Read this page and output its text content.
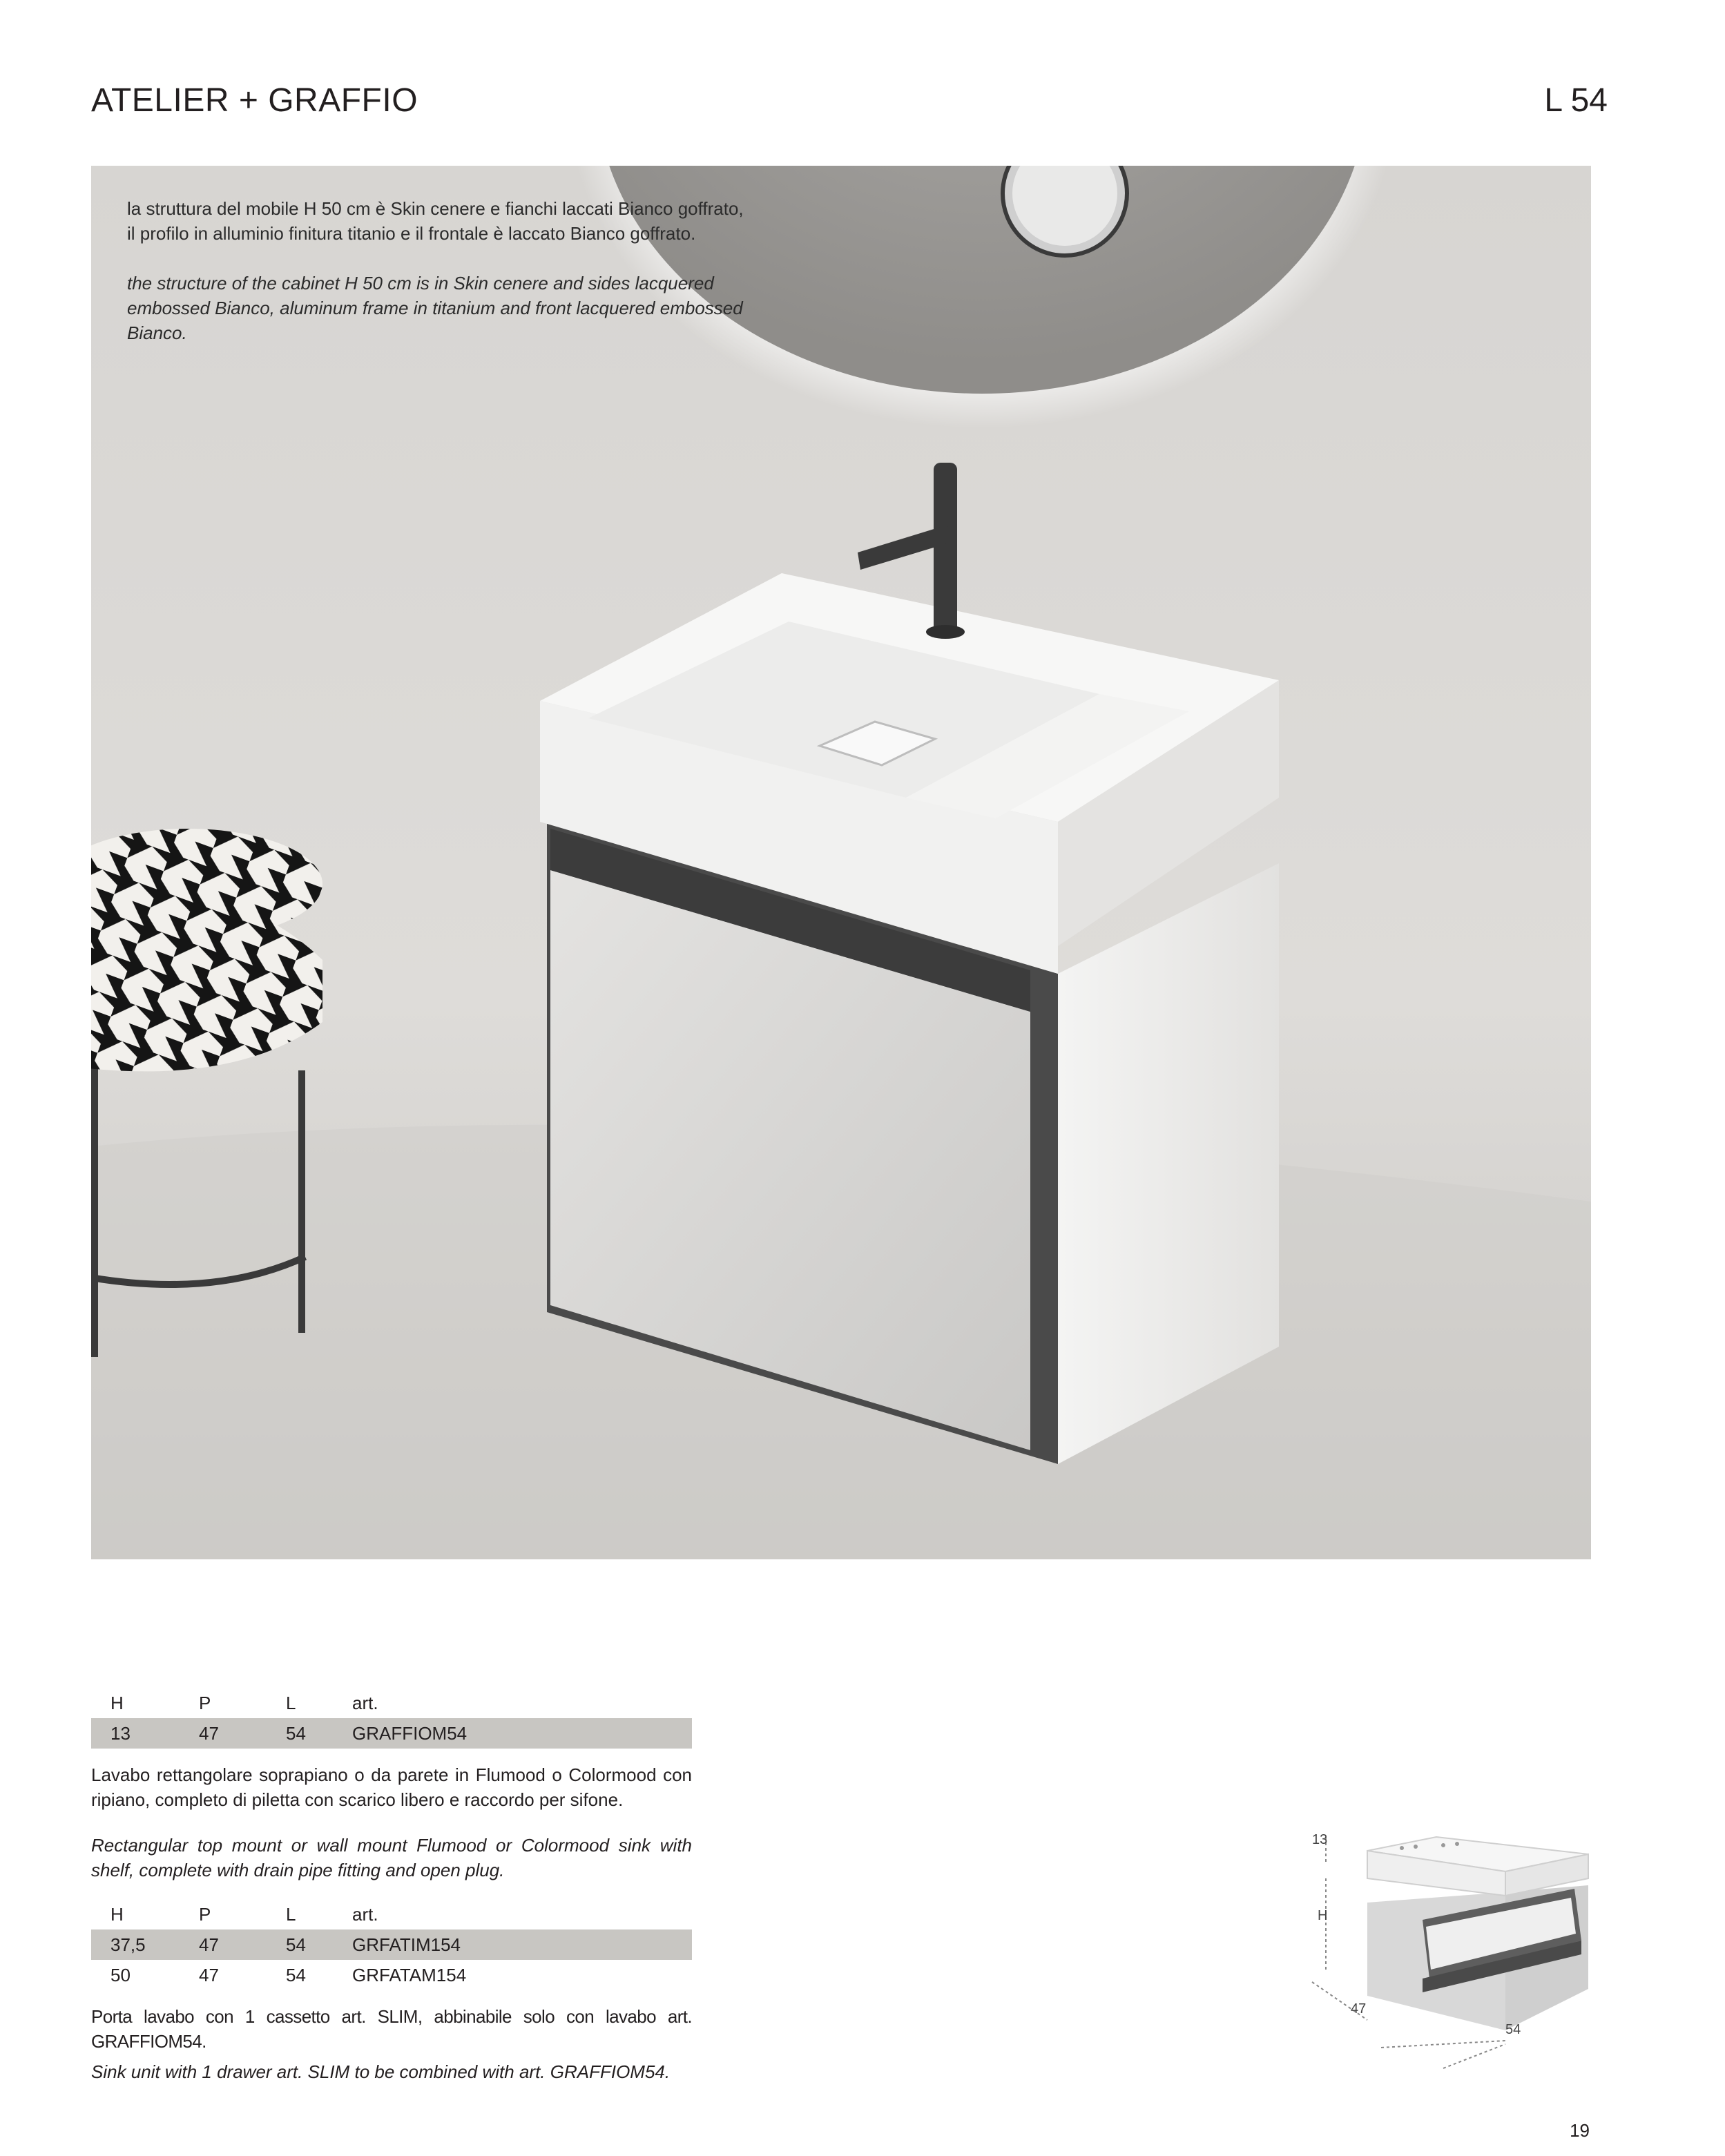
ATELIER + GRAFFIO	L 54

la struttura del mobile H 50 cm è Skin cenere e fianchi laccati Bianco goffrato, il profilo in alluminio finitura titanio e il frontale è laccato Bianco goffrato.

the structure of the cabinet H 50 cm is in Skin cenere and sides lacquered embossed Bianco, aluminum frame in titanium and front lacquered embossed Bianco.

H	P	L	art.
13	47	54	GRAFFIOM54
Lavabo rettangolare soprapiano o da parete in Flumood o Colormood con ripiano, completo di piletta con scarico libero e raccordo per sifone.
Rectangular top mount or wall mount Flumood or Colormood sink with shelf, complete with drain pipe fitting and open plug.
H	P	L	art.
37,5	47	54	GRFATIM154
50	47	54	GRFATAM154
Porta lavabo con 1 cassetto art. SLIM, abbinabile solo con lavabo art. GRAFFIOM54.
Sink unit with 1 drawer art. SLIM to be combined with art. GRAFFIOM54.
13
H
47
54
19
